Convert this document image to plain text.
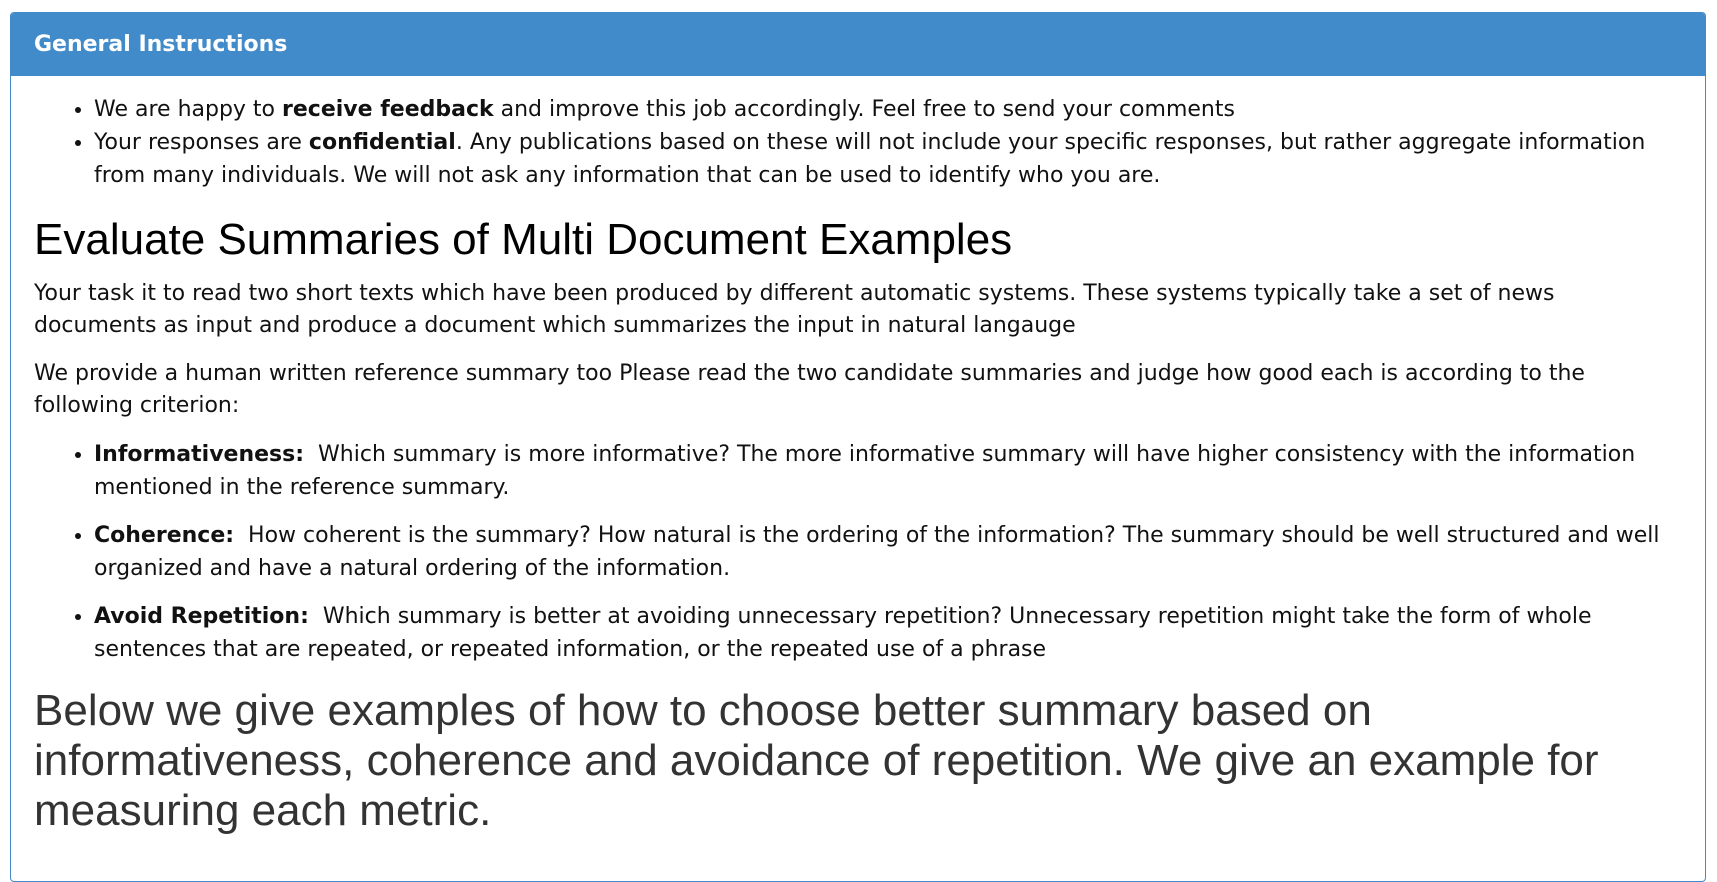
General Instructions
• We are happy to receive feedback and improve this job accordingly. Feel free to send your comments
• Your responses are confidential. Any publications based on these will not include your specific responses, but rather aggregate information from many individuals. We will not ask any information that can be used to identify who you are.
Evaluate Summaries of Multi Document Examples

Your task it to read two short texts which have been produced by different automatic systems. These systems typically take a set of news documents as input and produce a document which summarizes the input in natural langauge

We provide a human written reference summary too Please read the two candidate summaries and judge how good each is according to the following criterion:

• Informativeness:  Which summary is more informative? The more informative summary will have higher consistency with the information mentioned in the reference summary.
• Coherence:  How coherent is the summary? How natural is the ordering of the information? The summary should be well structured and well organized and have a natural ordering of the information.
• Avoid Repetition:  Which summary is better at avoiding unnecessary repetition? Unnecessary repetition might take the form of whole sentences that are repeated, or repeated information, or the repeated use of a phrase
Below we give examples of how to choose better summary based on informativeness, coherence and avoidance of repetition. We give an example for measuring each metric.
